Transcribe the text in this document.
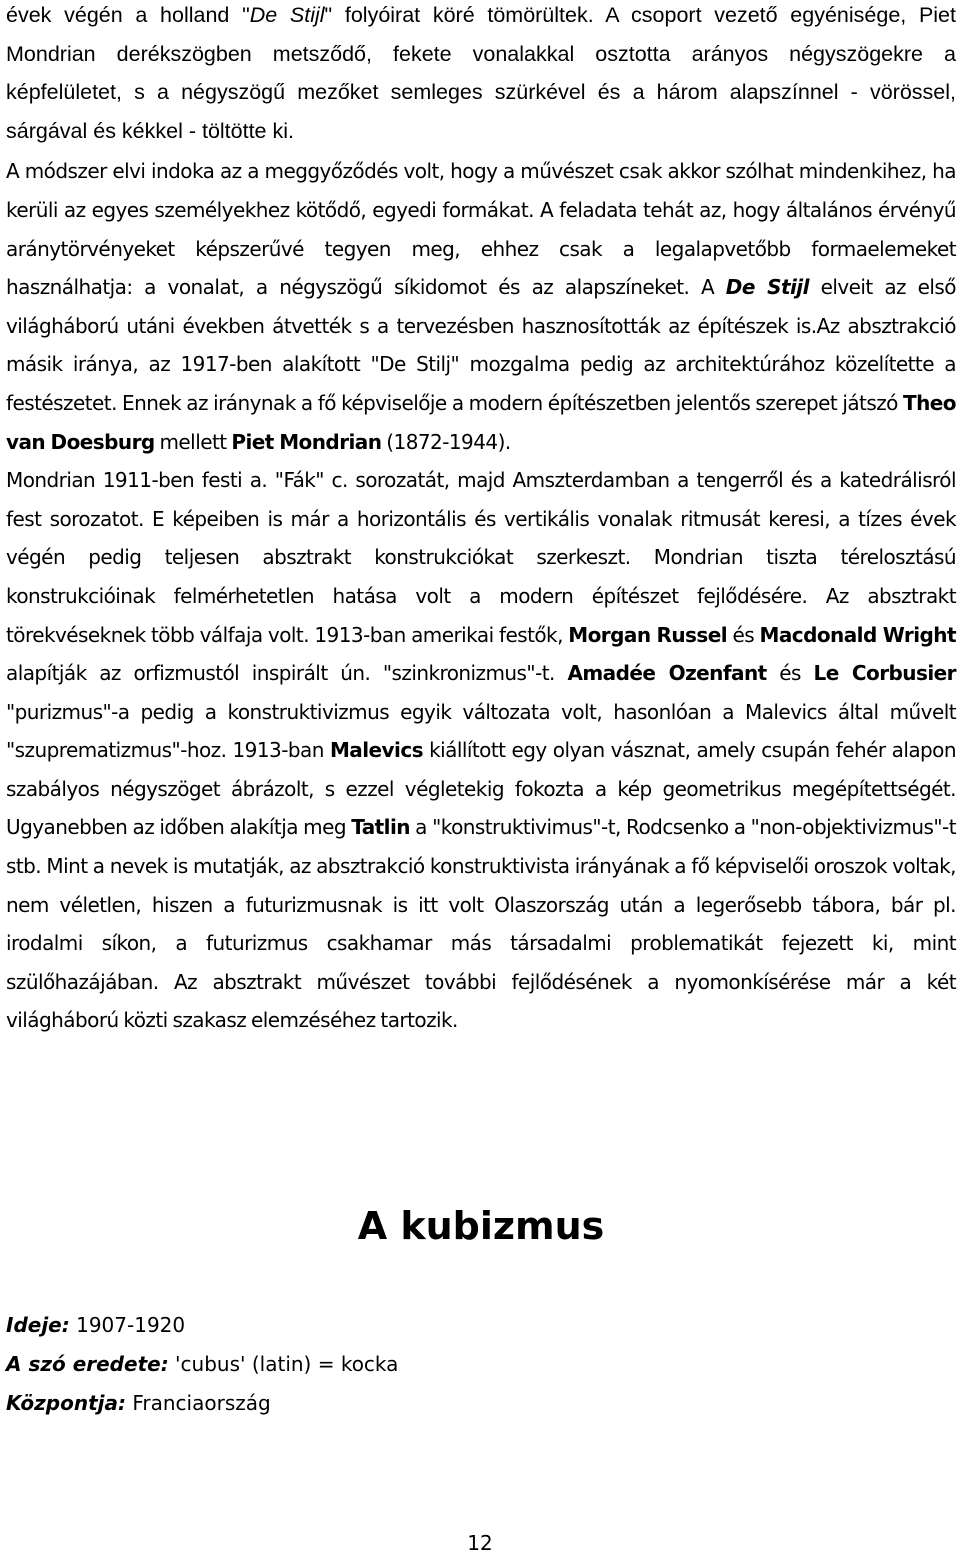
évek végén a holland "De Stijl" folyóirat köré tömörültek. A csoport vezető egyénisége, Piet Mondrian derékszögben metsződő, fekete vonalakkal osztotta arányos négyszögekre a képfelületet, s a négyszögű mezőket semleges szürkével és a három alapszínnel - vörössel, sárgával és kékkel - töltötte ki.

A módszer elvi indoka az a meggyőződés volt, hogy a művészet csak akkor szólhat mindenkihez, ha kerüli az egyes személyekhez kötődő, egyedi formákat. A feladata tehát az, hogy általános érvényű aránytörvényeket képszerűvé tegyen meg, ehhez csak a legalapvetőbb formaelemeket használhatja: a vonalat, a négyszögű síkidomot és az alapszíneket. A De Stijl elveit az első világháború utáni években átvették s a tervezésben hasznosították az építészek is.Az absztrakció másik iránya, az 1917-ben alakított "De Stilj" mozgalma pedig az architektúrához közelítette a festészetet. Ennek az iránynak a fő képviselője a modern építészetben jelentős szerepet játszó Theo van Doesburg mellett Piet Mondrian (1872-1944).

Mondrian 1911-ben festi a. "Fák" c. sorozatát, majd Amszterdamban a tengerről és a katedrálisról fest sorozatot. E képeiben is már a horizontális és vertikális vonalak ritmusát keresi, a tízes évek végén pedig teljesen absztrakt konstrukciókat szerkeszt. Mondrian tiszta térelosztású konstrukcióinak felmérhetetlen hatása volt a modern építészet fejlődésére. Az absztrakt törekvéseknek több válfaja volt. 1913-ban amerikai festők, Morgan Russel és Macdonald Wright alapítják az orfizmustól inspirált ún. "szinkronizmus"-t. Amadée Ozenfant és Le Corbusier "purizmus"-a pedig a konstruktivizmus egyik változata volt, hasonlóan a Malevics által művelt "szuprematizmus"-hoz. 1913-ban Malevics kiállított egy olyan vásznat, amely csupán fehér alapon szabályos négyszöget ábrázolt, s ezzel végletekig fokozta a kép geometrikus megépítettségét. Ugyanebben az időben alakítja meg Tatlin a "konstruktivimus"-t, Rodcsenko a "non-objektivizmus"-t stb. Mint a nevek is mutatják, az absztrakció konstruktivista irányának a fő képviselői oroszok voltak, nem véletlen, hiszen a futurizmusnak is itt volt Olaszország után a legerősebb tábora, bár pl. irodalmi síkon, a futurizmus csakhamar más társadalmi problematikát fejezett ki, mint szülőhazájában. Az absztrakt művészet további fejlődésének a nyomonkísérése már a két világháború közti szakasz elemzéséhez tartozik.

A kubizmus

Ideje: 1907-1920

A szó eredete: 'cubus' (latin) = kocka

Központja: Franciaország

12
